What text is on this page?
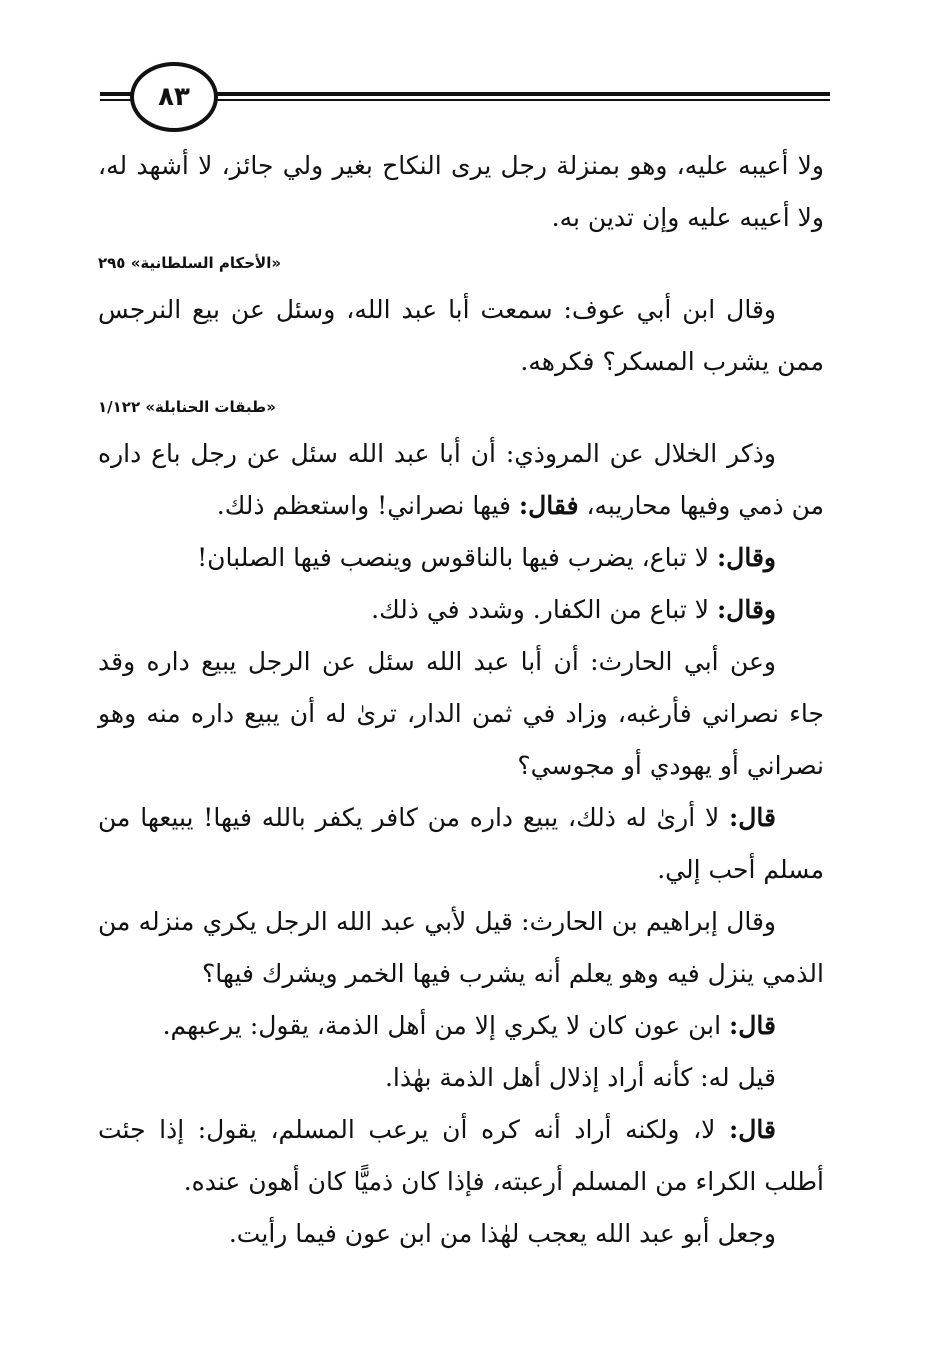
٨٣

ولا أعيبه عليه، وهو بمنزلة رجل يرى النكاح بغير ولي جائز، لا أشهد له، ولا أعيبه عليه وإن تدين به.

«الأحكام السلطانية» ٢٩٥

وقال ابن أبي عوف: سمعت أبا عبد الله، وسئل عن بيع النرجس ممن يشرب المسكر؟ فكرهه.

«طبقات الحنابلة» ١/١٢٢

وذكر الخلال عن المروذي: أن أبا عبد الله سئل عن رجل باع داره من ذمي وفيها محاريبه، فقال: فيها نصراني! واستعظم ذلك.

وقال: لا تباع، يضرب فيها بالناقوس وينصب فيها الصلبان!

وقال: لا تباع من الكفار. وشدد في ذلك.

وعن أبي الحارث: أن أبا عبد الله سئل عن الرجل يبيع داره وقد جاء نصراني فأرغبه، وزاد في ثمن الدار، ترىٰ له أن يبيع داره منه وهو نصراني أو يهودي أو مجوسي؟

قال: لا أرىٰ له ذلك، يبيع داره من كافر يكفر بالله فيها! يبيعها من مسلم أحب إلي.

وقال إبراهيم بن الحارث: قيل لأبي عبد الله الرجل يكري منزله من الذمي ينزل فيه وهو يعلم أنه يشرب فيها الخمر ويشرك فيها؟

قال: ابن عون كان لا يكري إلا من أهل الذمة، يقول: يرعبهم.

قيل له: كأنه أراد إذلال أهل الذمة بهٰذا.

قال: لا، ولكنه أراد أنه كره أن يرعب المسلم، يقول: إذا جئت أطلب الكراء من المسلم أرعبته، فإذا كان ذميًّا كان أهون عنده.

وجعل أبو عبد الله يعجب لهٰذا من ابن عون فيما رأيت.
